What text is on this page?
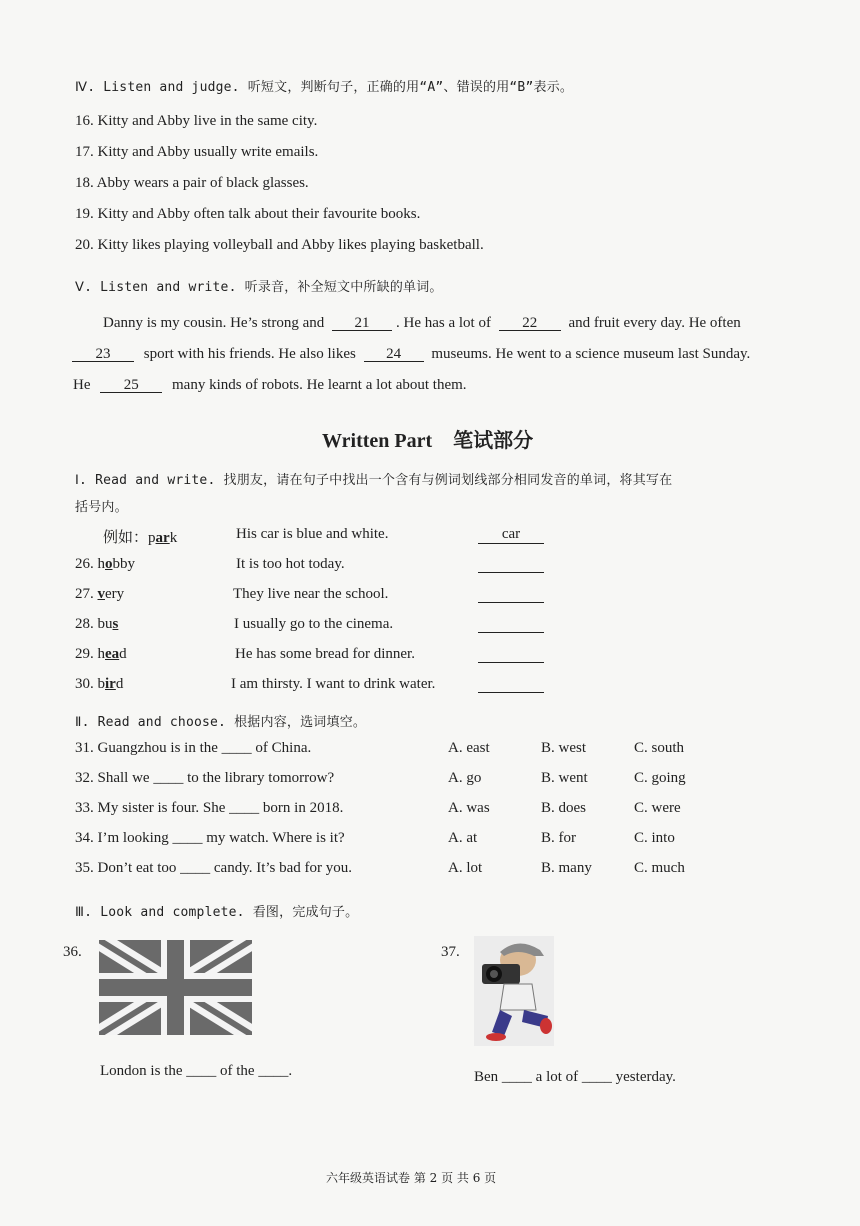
Ⅳ. Listen and judge. 听短文，判断句子，正确的用“A”、错误的用“B”表示。
16. Kitty and Abby live in the same city.
17. Kitty and Abby usually write emails.
18. Abby wears a pair of black glasses.
19. Kitty and Abby often talk about their favourite books.
20. Kitty likes playing volleyball and Abby likes playing basketball.
Ⅴ. Listen and write. 听录音，补全短文中所缺的单词。
Danny is my cousin. He’s strong and 21 . He has a lot of 22 and fruit every day. He often
23 sport with his friends. He also likes 24 museums. He went to a science museum last Sunday.
He 25 many kinds of robots. He learnt a lot about them.
Written Part 笔试部分
Ⅰ. Read and write. 找朋友，请在句子中找出一个含有与例词划线部分相同发音的单词，将其写在
括号内。
例如：park	His car is blue and white.	car
26. hobby	It is too hot today.
27. very	They live near the school.
28. bus	I usually go to the cinema.
29. head	He has some bread for dinner.
30. bird	I am thirsty. I want to drink water.
Ⅱ. Read and choose. 根据内容，选词填空。
31. Guangzhou is in the ____ of China.	A. east	B. west	C. south
32. Shall we ____ to the library tomorrow?	A. go	B. went	C. going
33. My sister is four. She ____ born in 2018.	A. was	B. does	C. were
34. I’m looking ____ my watch. Where is it?	A. at	B. for	C. into
35. Don’t eat too ____ candy. It’s bad for you.	A. lot	B. many	C. much
Ⅲ. Look and complete. 看图，完成句子。
36.
London is the ____ of the ____.
37.
Ben ____ a lot of ____ yesterday.
六年级英语试卷 第 2 页 共 6 页
